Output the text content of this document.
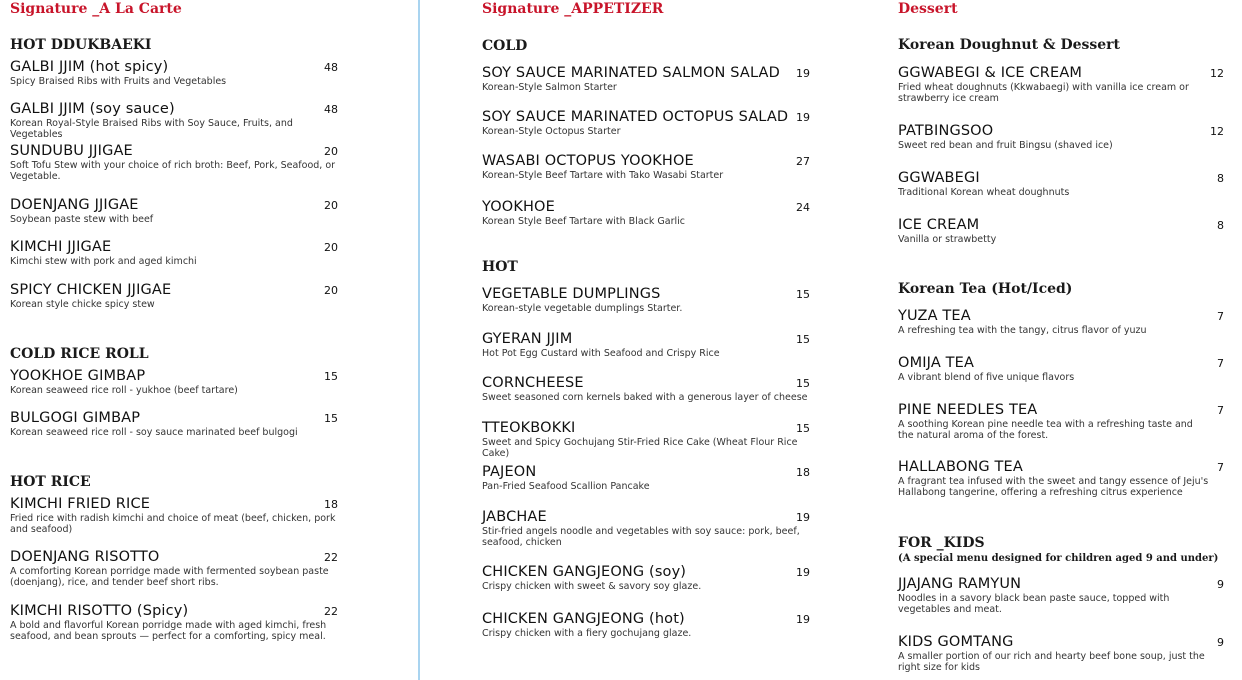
Signature _A La Carte
HOT DDUKBAEKI
GALBI JJIM (hot spicy)	48
Spicy Braised Ribs with Fruits and Vegetables
GALBI JJIM (soy sauce)	48
Korean Royal-Style Braised Ribs with Soy Sauce, Fruits, and Vegetables
SUNDUBU JJIGAE	20
Soft Tofu Stew with your choice of rich broth: Beef, Pork, Seafood, or Vegetable.
DOENJANG JJIGAE	20
Soybean paste stew with beef
KIMCHI JJIGAE	20
Kimchi stew with pork and aged kimchi
SPICY CHICKEN JJIGAE	20
Korean style chicke spicy stew
COLD RICE ROLL
YOOKHOE GIMBAP	15
Korean seaweed rice roll - yukhoe (beef tartare)
BULGOGI GIMBAP	15
Korean seaweed rice roll - soy sauce marinated beef bulgogi
HOT RICE
KIMCHI FRIED RICE	18
Fried rice with radish kimchi and choice of meat (beef, chicken, pork and seafood)
DOENJANG RISOTTO	22
A comforting Korean porridge made with fermented soybean paste (doenjang), rice, and tender beef short ribs.
KIMCHI RISOTTO (Spicy)	22
A bold and flavorful Korean porridge made with aged kimchi, fresh seafood, and bean sprouts — perfect for a comforting, spicy meal.
Signature _APPETIZER
COLD
SOY SAUCE MARINATED SALMON SALAD	19
Korean-Style Salmon Starter
SOY SAUCE MARINATED OCTOPUS SALAD 19
Korean-Style Octopus Starter
WASABI OCTOPUS YOOKHOE	27
Korean-Style Beef Tartare with Tako Wasabi Starter
YOOKHOE	24
Korean Style Beef Tartare with Black Garlic
HOT
VEGETABLE DUMPLINGS	15
Korean-style vegetable dumplings Starter.
GYERAN JJIM	15
Hot Pot Egg Custard with Seafood and Crispy Rice
CORNCHEESE	15
Sweet seasoned corn kernels baked with a generous layer of cheese
TTEOKBOKKI	15
Sweet and Spicy Gochujang Stir-Fried Rice Cake (Wheat Flour Rice Cake)
PAJEON	18
Pan-Fried Seafood Scallion Pancake
JABCHAE	19
Stir-fried angels noodle and vegetables with soy sauce: pork, beef, seafood, chicken
CHICKEN GANGJEONG (soy)	19
Crispy chicken with sweet & savory soy glaze.
CHICKEN GANGJEONG (hot)	19
Crispy chicken with a fiery gochujang glaze.
Dessert
Korean Doughnut & Dessert
GGWABEGI & ICE CREAM	12
Fried wheat doughnuts (Kkwabaegi) with vanilla ice cream or strawberry ice cream
PATBINGSOO	12
Sweet red bean and fruit Bingsu (shaved ice)
GGWABEGI	8
Traditional Korean wheat doughnuts
ICE CREAM	8
Vanilla or strawbetty
Korean Tea (Hot/Iced)
YUZA TEA	7
A refreshing tea with the tangy, citrus flavor of yuzu
OMIJA TEA	7
A vibrant blend of five unique flavors
PINE NEEDLES TEA	7
A soothing Korean pine needle tea with a refreshing taste and the natural aroma of the forest.
HALLABONG TEA	7
A fragrant tea infused with the sweet and tangy essence of Jeju's Hallabong tangerine, offering a refreshing citrus experience
FOR _KIDS
(A special menu designed for children aged 9 and under)
JJAJANG RAMYUN	9
Noodles in a savory black bean paste sauce, topped with vegetables and meat.
KIDS GOMTANG	9
A smaller portion of our rich and hearty beef bone soup, just the right size for kids
